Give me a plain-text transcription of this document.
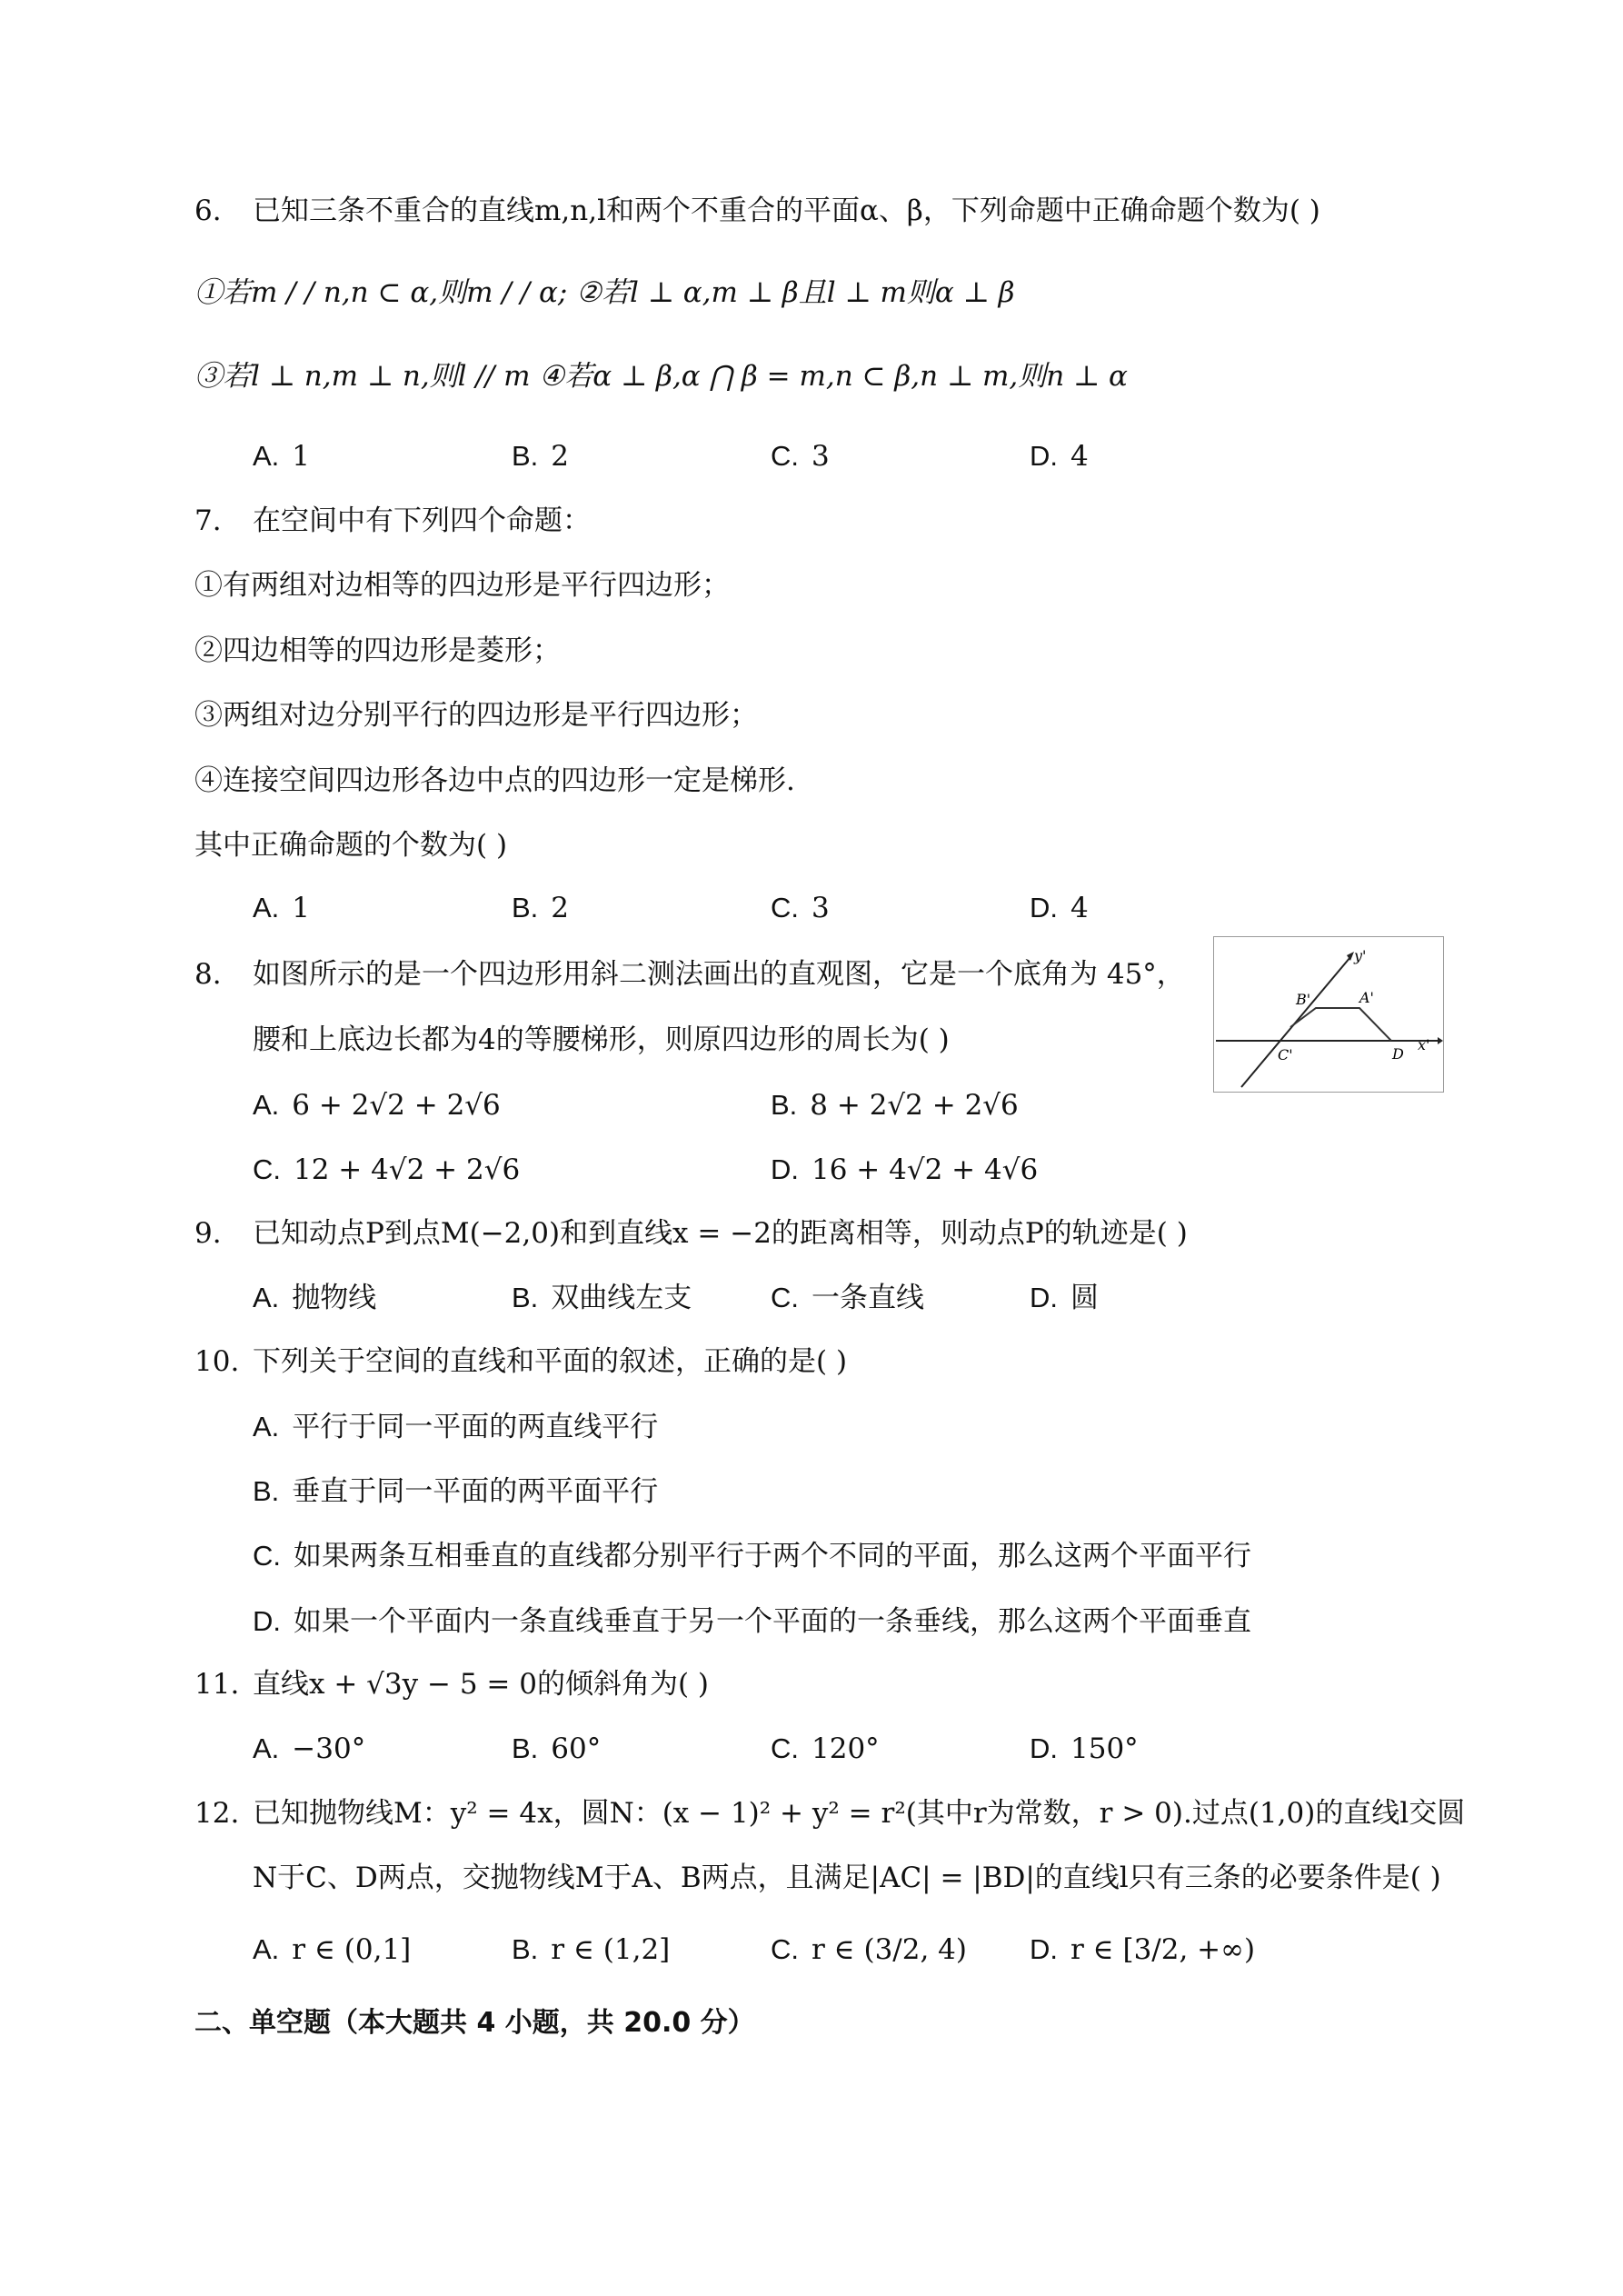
6. 已知三条不重合的直线m,n,l和两个不重合的平面α、β，下列命题中正确命题个数为( )
①若m / / n,n ⊂ α,则m / / α; ②若l ⊥ α,m ⊥ β且l ⊥ m则α ⊥ β
③若l ⊥ n,m ⊥ n,则l // m ④若α ⊥ β,α ⋂ β = m,n ⊂ β,n ⊥ m,则n ⊥ α
A. 1	B. 2	C. 3	D. 4
7. 在空间中有下列四个命题：
①有两组对边相等的四边形是平行四边形；
②四边相等的四边形是菱形；
③两组对边分别平行的四边形是平行四边形；
④连接空间四边形各边中点的四边形一定是梯形.
其中正确命题的个数为( )
A. 1	B. 2	C. 3	D. 4
8. 如图所示的是一个四边形用斜二测法画出的直观图，它是一个底角为 45°，
腰和上底边长都为4的等腰梯形，则原四边形的周长为( )
A. 6 + 2√2 + 2√6	B. 8 + 2√2 + 2√6
C. 12 + 4√2 + 2√6	D. 16 + 4√2 + 4√6
y'
x'
B'	A'
C'	D
9. 已知动点P到点M(−2,0)和到直线x = −2的距离相等，则动点P的轨迹是( )
A. 抛物线	B. 双曲线左支	C. 一条直线	D. 圆
10. 下列关于空间的直线和平面的叙述，正确的是( )
A. 平行于同一平面的两直线平行
B. 垂直于同一平面的两平面平行
C. 如果两条互相垂直的直线都分别平行于两个不同的平面，那么这两个平面平行
D. 如果一个平面内一条直线垂直于另一个平面的一条垂线，那么这两个平面垂直
11. 直线x + √3y − 5 = 0的倾斜角为( )
A. −30°	B. 60°	C. 120°	D. 150°
12. 已知抛物线M：y² = 4x，圆N：(x − 1)² + y² = r²(其中r为常数，r > 0).过点(1,0)的直线l交圆
N于C、D两点，交抛物线M于A、B两点，且满足|AC| = |BD|的直线l只有三条的必要条件是( )
A. r ∈ (0,1]	B. r ∈ (1,2]	C. r ∈ (3/2, 4) D. r ∈ [3/2, +∞)
二、单空题（本大题共 4 小题，共 20.0 分）
